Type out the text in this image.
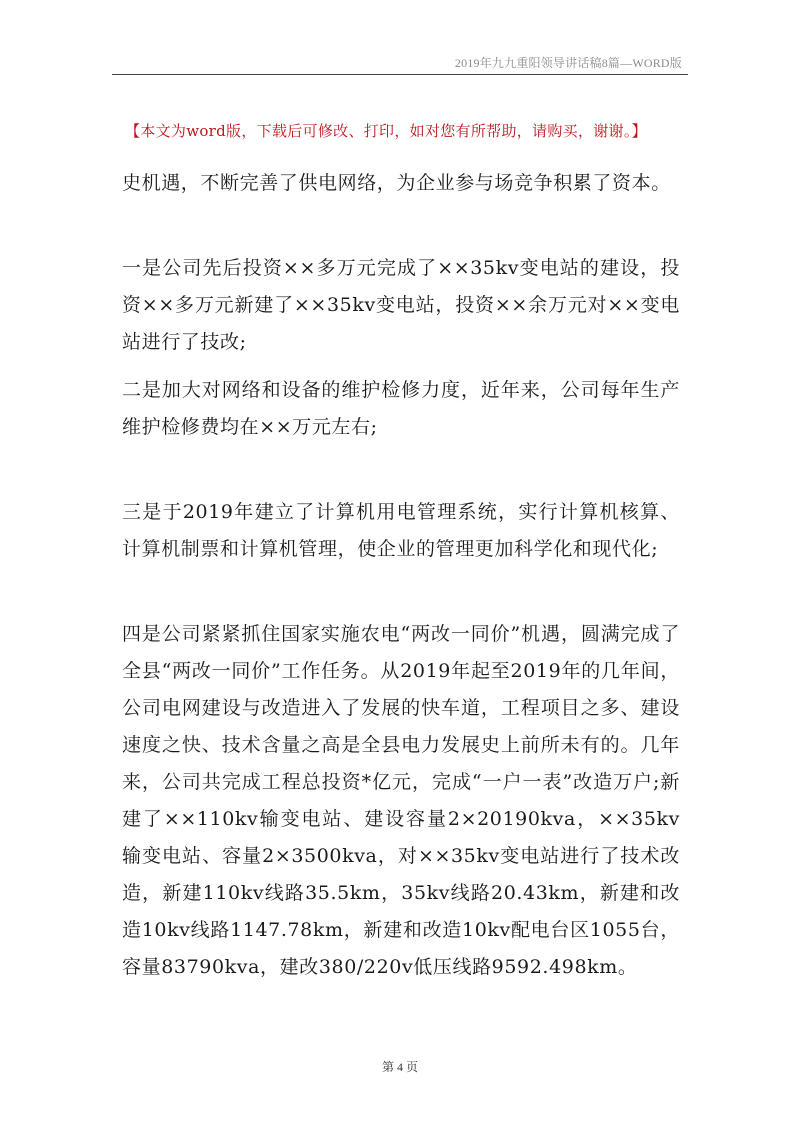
2019年九九重阳领导讲话稿8篇—WORD版
【本文为word版，下载后可修改、打印，如对您有所帮助，请购买，谢谢。】
史机遇，不断完善了供电网络，为企业参与场竞争积累了资本。
一是公司先后投资××多万元完成了××35kv变电站的建设，投资××多万元新建了××35kv变电站，投资××余万元对××变电站进行了技改;
二是加大对网络和设备的维护检修力度，近年来，公司每年生产维护检修费均在××万元左右;
三是于2019年建立了计算机用电管理系统，实行计算机核算、计算机制票和计算机管理，使企业的管理更加科学化和现代化;
四是公司紧紧抓住国家实施农电“两改一同价”机遇，圆满完成了全县“两改一同价”工作任务。从2019年起至2019年的几年间，公司电网建设与改造进入了发展的快车道，工程项目之多、建设速度之快、技术含量之高是全县电力发展史上前所未有的。几年来，公司共完成工程总投资*亿元，完成“一户一表”改造万户;新建了××110kv输变电站、建设容量2×20190kva，××35kv输变电站、容量2×3500kva，对××35kv变电站进行了技术改造，新建110kv线路35.5km，35kv线路20.43km，新建和改造10kv线路1147.78km，新建和改造10kv配电台区1055台，容量83790kva，建改380/220v低压线路9592.498km。
第 4 页
